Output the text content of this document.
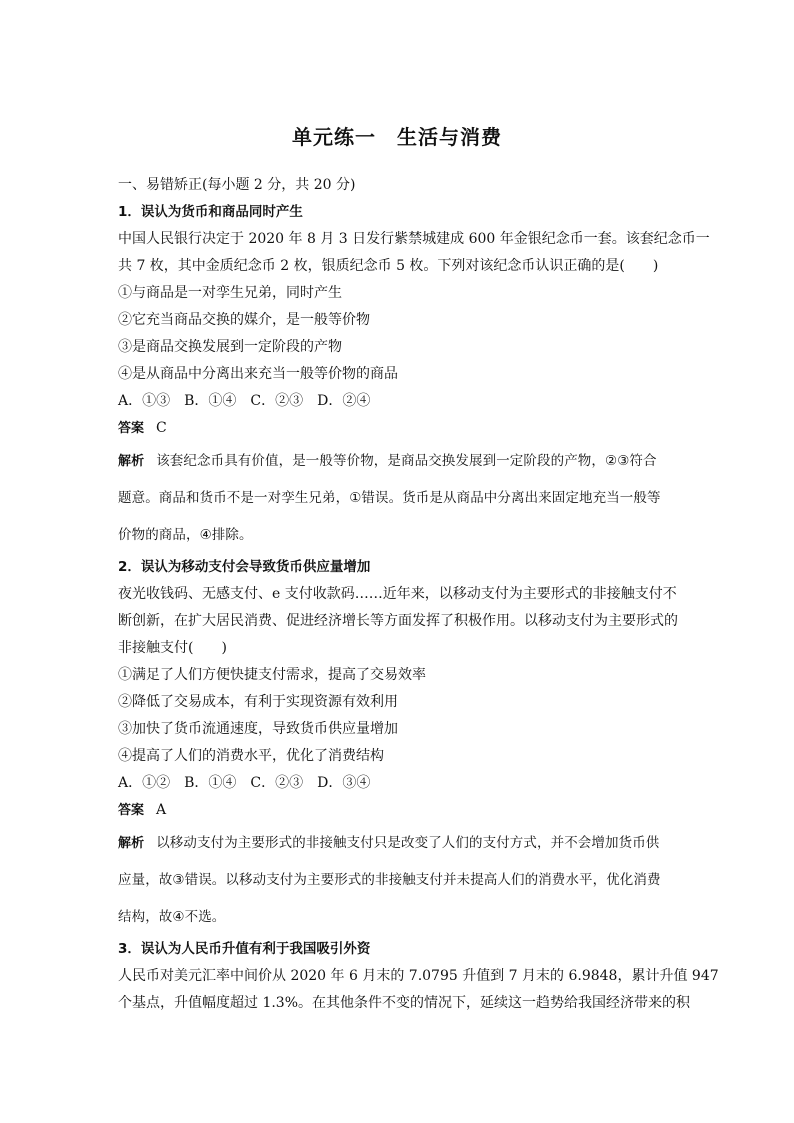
单元练一　生活与消费
一、易错矫正(每小题 2 分，共 20 分)
1．误认为货币和商品同时产生
中国人民银行决定于 2020 年 8 月 3 日发行紫禁城建成 600 年金银纪念币一套。该套纪念币一
共 7 枚，其中金质纪念币 2 枚，银质纪念币 5 枚。下列对该纪念币认识正确的是(　　)
①与商品是一对孪生兄弟，同时产生
②它充当商品交换的媒介，是一般等价物
③是商品交换发展到一定阶段的产物
④是从商品中分离出来充当一般等价物的商品
A．①③　B．①④　C．②③　D．②④
答案 C
解析 该套纪念币具有价值，是一般等价物，是商品交换发展到一定阶段的产物，②③符合
题意。商品和货币不是一对孪生兄弟，①错误。货币是从商品中分离出来固定地充当一般等
价物的商品，④排除。
2．误认为移动支付会导致货币供应量增加
夜光收钱码、无感支付、e 支付收款码……近年来，以移动支付为主要形式的非接触支付不
断创新，在扩大居民消费、促进经济增长等方面发挥了积极作用。以移动支付为主要形式的
非接触支付(　　)
①满足了人们方便快捷支付需求，提高了交易效率
②降低了交易成本，有利于实现资源有效利用
③加快了货币流通速度，导致货币供应量增加
④提高了人们的消费水平，优化了消费结构
A．①②　B．①④　C．②③　D．③④
答案 A
解析 以移动支付为主要形式的非接触支付只是改变了人们的支付方式，并不会增加货币供
应量，故③错误。以移动支付为主要形式的非接触支付并未提高人们的消费水平，优化消费
结构，故④不选。
3．误认为人民币升值有利于我国吸引外资
人民币对美元汇率中间价从 2020 年 6 月末的 7.0795 升值到 7 月末的 6.9848，累计升值 947
个基点，升值幅度超过 1.3%。在其他条件不变的情况下，延续这一趋势给我国经济带来的积
